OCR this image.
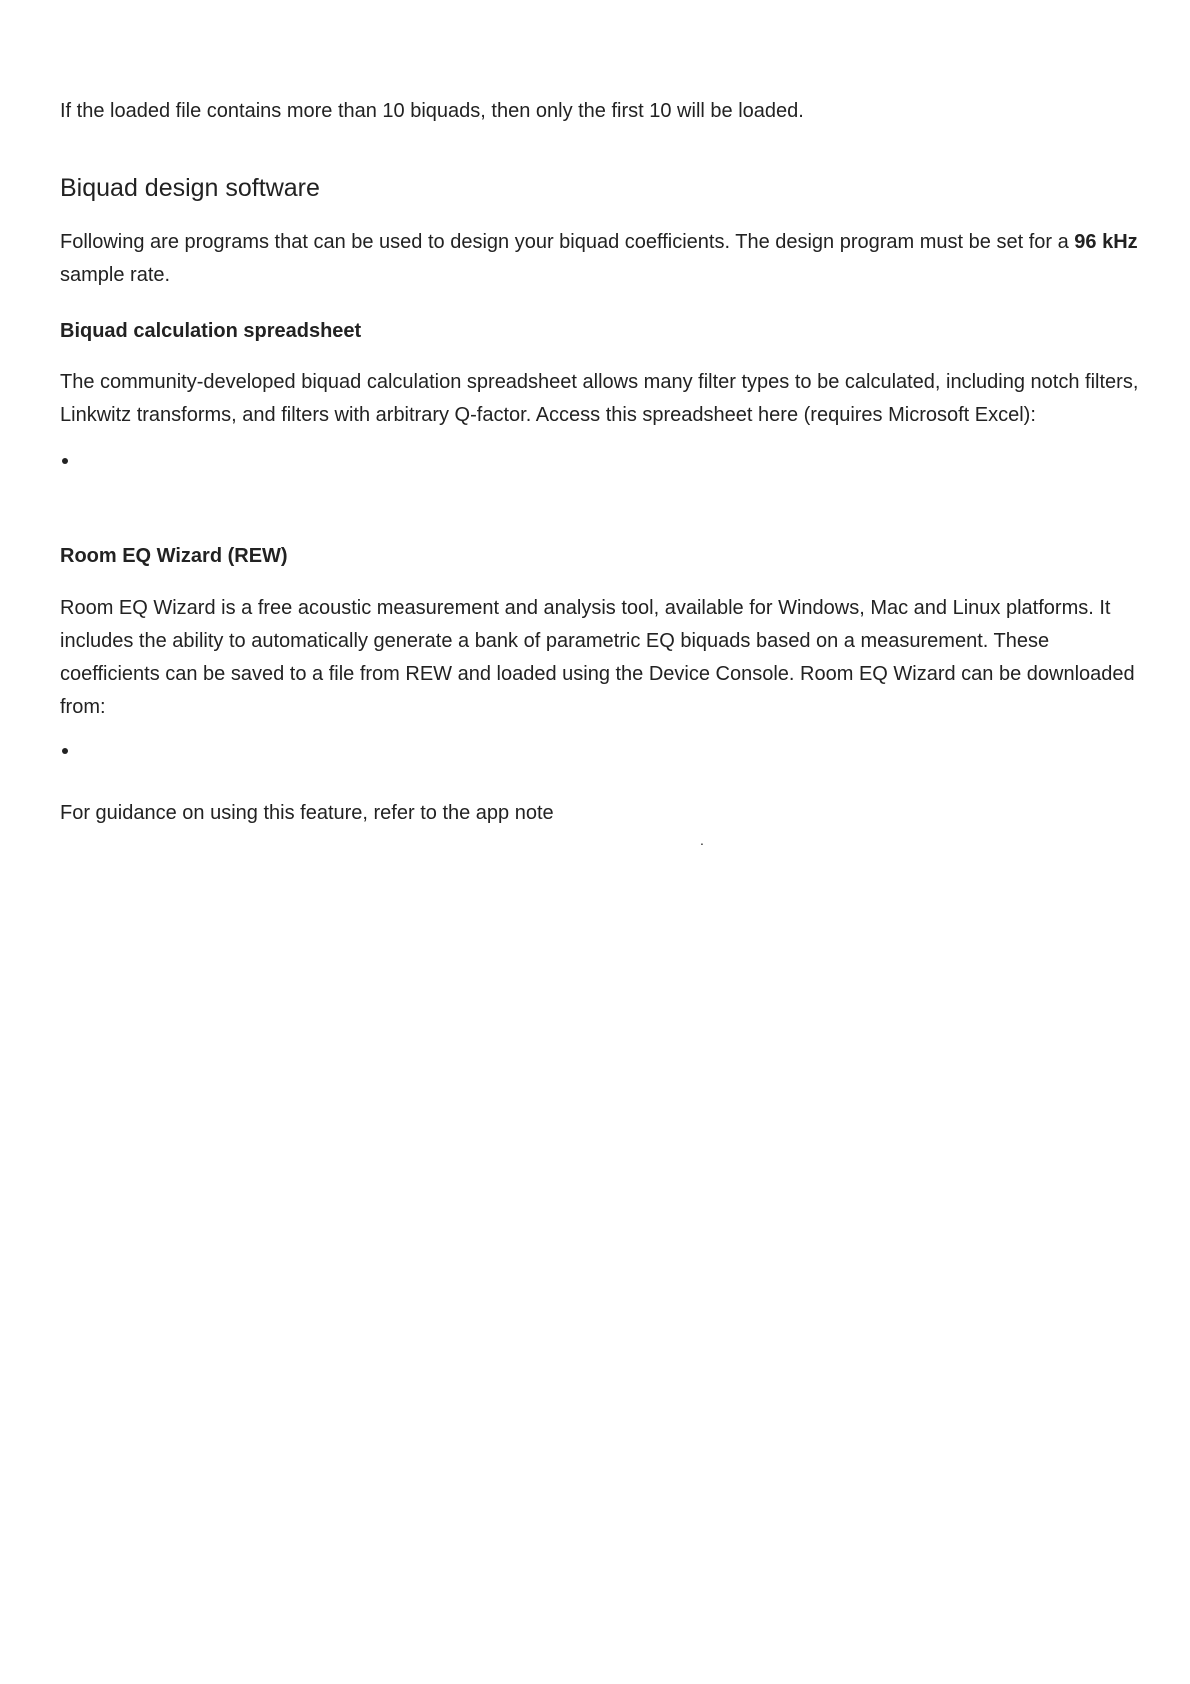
If the loaded file contains more than 10 biquads, then only the first 10 will be loaded.

Biquad design software

Following are programs that can be used to design your biquad coefficients. The design program must be set for a 96 kHz sample rate.

Biquad calculation spreadsheet

The community-developed biquad calculation spreadsheet allows many filter types to be calculated, including notch filters, Linkwitz transforms, and filters with arbitrary Q-factor. Access this spreadsheet here (requires Microsoft Excel):

Room EQ Wizard (REW)

Room EQ Wizard is a free acoustic measurement and analysis tool, available for Windows, Mac and Linux platforms. It includes the ability to automatically generate a bank of parametric EQ biquads based on a measurement. These coefficients can be saved to a file from REW and loaded using the Device Console. Room EQ Wizard can be downloaded from:

For guidance on using this feature, refer to the app note

.
